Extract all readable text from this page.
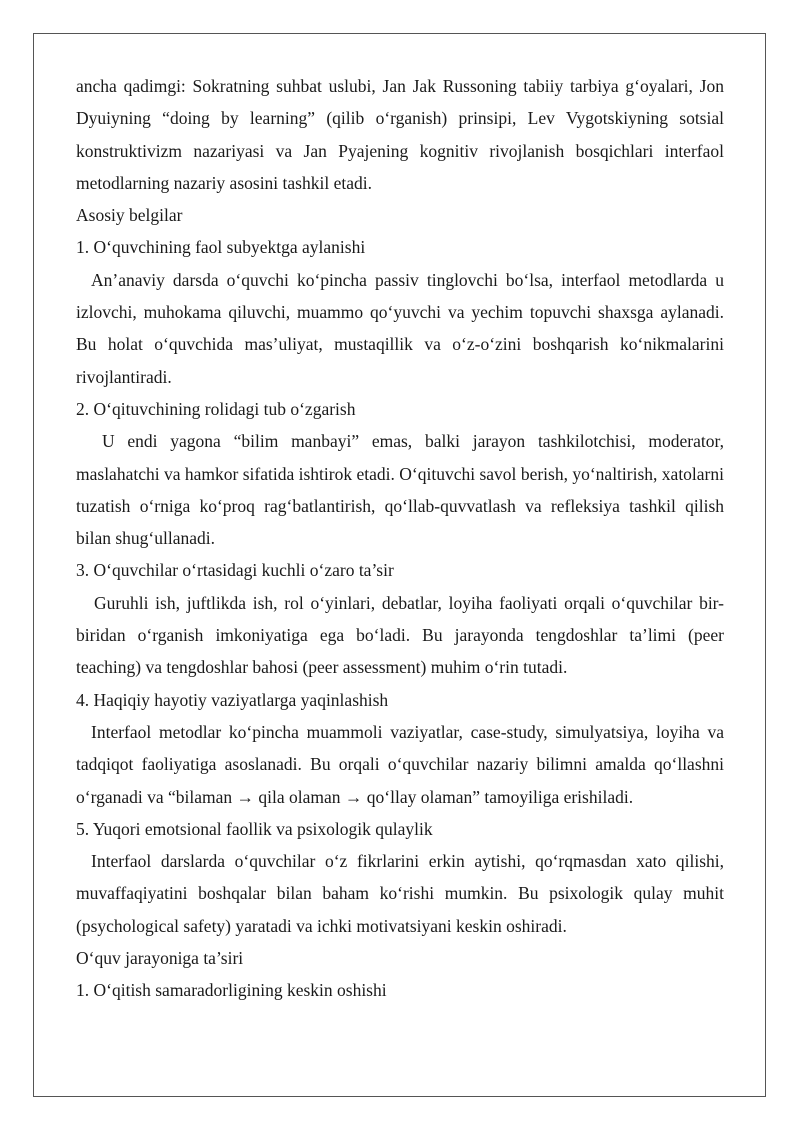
ancha qadimgi: Sokratning suhbat uslubi, Jan Jak Russoning tabiiy tarbiya g‘oyalari, Jon Dyuiyning “doing by learning” (qilib o‘rganish) prinsipi, Lev Vygotskiyning sotsial konstruktivizm nazariyasi va Jan Pyajening kognitiv rivojlanish bosqichlari interfaol metodlarning nazariy asosini tashkil etadi.

Asosiy belgilar

1. O‘quvchining faol subyektga aylanishi

An’anaviy darsda o‘quvchi ko‘pincha passiv tinglovchi bo‘lsa, interfaol metodlarda u izlovchi, muhokama qiluvchi, muammo qo‘yuvchi va yechim topuvchi shaxsga aylanadi. Bu holat o‘quvchida mas’uliyat, mustaqillik va o‘z-o‘zini boshqarish ko‘nikmalarini rivojlantiradi.

2. O‘qituvchining rolidagi tub o‘zgarish

U endi yagona “bilim manbayi” emas, balki jarayon tashkilotchisi, moderator, maslahatchi va hamkor sifatida ishtirok etadi. O‘qituvchi savol berish, yo‘naltirish, xatolarni tuzatish o‘rniga ko‘proq rag‘batlantirish, qo‘llab-quvvatlash va refleksiya tashkil qilish bilan shug‘ullanadi.

3. O‘quvchilar o‘rtasidagi kuchli o‘zaro ta’sir

Guruhli ish, juftlikda ish, rol o‘yinlari, debatlar, loyiha faoliyati orqali o‘quvchilar bir-biridan o‘rganish imkoniyatiga ega bo‘ladi. Bu jarayonda tengdoshlar ta’limi (peer teaching) va tengdoshlar bahosi (peer assessment) muhim o‘rin tutadi.

4. Haqiqiy hayotiy vaziyatlarga yaqinlashish

Interfaol metodlar ko‘pincha muammoli vaziyatlar, case-study, simulyatsiya, loyiha va tadqiqot faoliyatiga asoslanadi. Bu orqali o‘quvchilar nazariy bilimni amalda qo‘llashni o‘rganadi va “bilaman → qila olaman → qo‘llay olaman” tamoyiliga erishiladi.

5. Yuqori emotsional faollik va psixologik qulaylik

Interfaol darslarda o‘quvchilar o‘z fikrlarini erkin aytishi, qo‘rqmasdan xato qilishi, muvaffaqiyatini boshqalar bilan baham ko‘rishi mumkin. Bu psixologik qulay muhit (psychological safety) yaratadi va ichki motivatsiyani keskin oshiradi.

O‘quv jarayoniga ta’siri

1. O‘qitish samaradorligining keskin oshishi
